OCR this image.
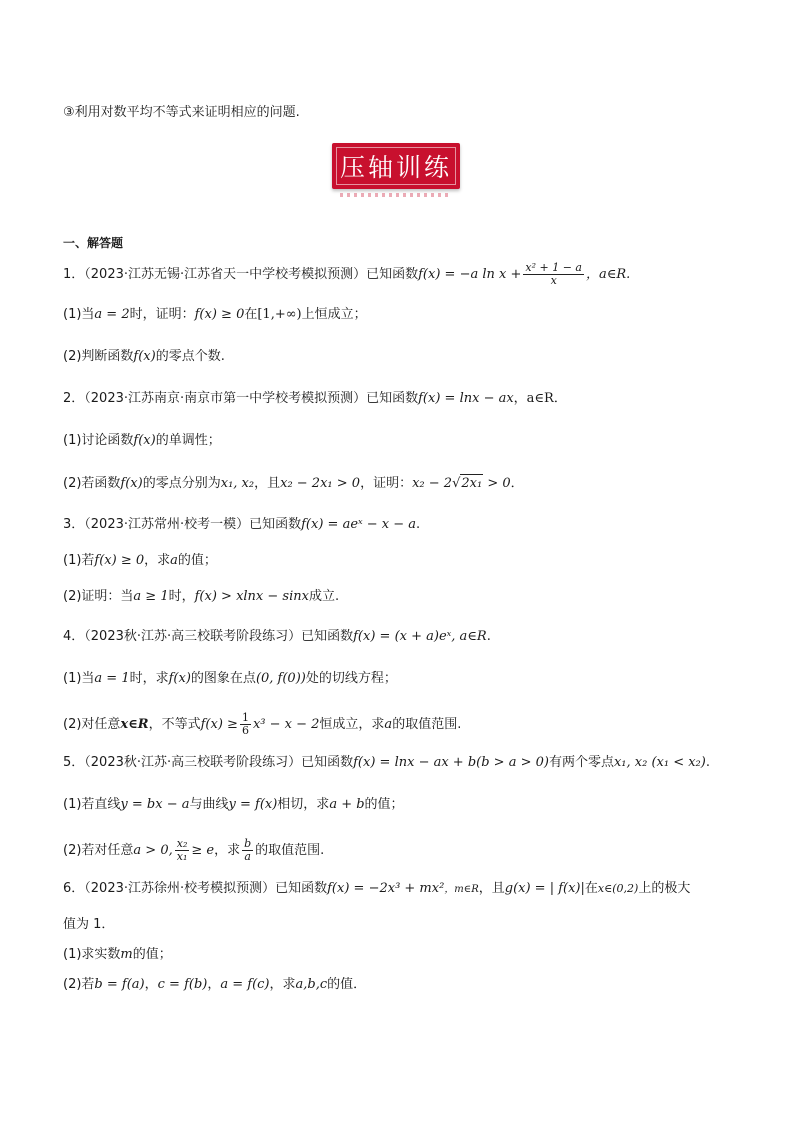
③利用对数平均不等式来证明相应的问题.
压轴训练
一、解答题
1．（2023·江苏无锡·江苏省天一中学校考模拟预测）已知函数f(x) = −a $\ln x + \frac{\text{x² + 1 − a}}{x}$ ，a∈R.
(1)当a = 2时，证明：f(x) ≥ 0在[1,+∞)上恒成立；
(2)判断函数f(x)的零点个数.
2．（2023·江苏南京·南京市第一中学校考模拟预测）已知函数f(x) = lnx − ax，a∈R．
(1)讨论函数f(x)的单调性；
(2)若函数f(x)的零点分别为x₁, x₂，且x₂ − 2x₁ > 0，证明：x₂ − 2√2x₁ > 0．
3．（2023·江苏常州·校考一模）已知函数f(x) = aeˣ − x − a.
(1)若f(x) ≥ 0，求a的值；
(2)证明：当a ≥ 1时，f(x) > xlnx − sinx成立.
4．（2023秋·江苏·高三校联考阶段练习）已知函数f(x) = (x + a)eˣ, a∈R.
(1)当a = 1时，求f(x)的图象在点(0, f(0))处的切线方程；
(2)对任意x∈R，不等式$f(x) \ge \frac{1}{6} x^3 - x - 2$恒成立，求a的取值范围.
5．（2023秋·江苏·高三校联考阶段练习）已知函数f(x) = lnx − ax + b(b > a > 0)有两个零点x₁, x₂ (x₁ < x₂).
(1)若直线y = bx − a与曲线y = f(x)相切，求a + b的值；
(2)若对任意a > 0, $\frac{\text{x₂}}{\text{x₁}} \ge e$，求 $\frac{b}{a}$ 的取值范围.
6．（2023·江苏徐州·校考模拟预测）已知函数f(x) = −2x³ + mx²，m∈R，且g(x) = | f(x)|在x∈(0,2)上的极大
值为 1．
(1)求实数m的值；
(2)若b = f(a)，c = f(b)，a = f(c)，求a,b,c的值．
